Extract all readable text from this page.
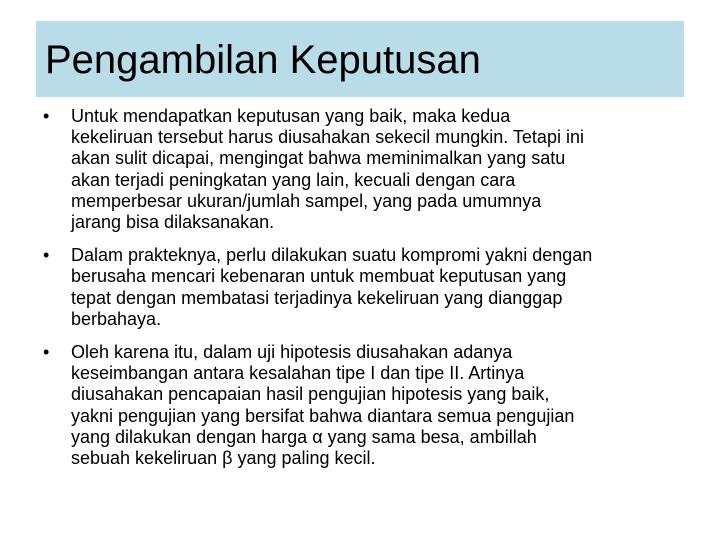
Pengambilan Keputusan
• Untuk mendapatkan keputusan yang baik, maka kedua
kekeliruan tersebut harus diusahakan sekecil mungkin. Tetapi ini
akan sulit dicapai, mengingat bahwa meminimalkan yang satu
akan terjadi peningkatan yang lain, kecuali dengan cara
memperbesar ukuran/jumlah sampel, yang pada umumnya
jarang bisa dilaksanakan.
• Dalam prakteknya, perlu dilakukan suatu kompromi yakni dengan
berusaha mencari kebenaran untuk membuat keputusan yang
tepat dengan membatasi terjadinya kekeliruan yang dianggap
berbahaya.
• Oleh karena itu, dalam uji hipotesis diusahakan adanya
keseimbangan antara kesalahan tipe I dan tipe II. Artinya
diusahakan pencapaian hasil pengujian hipotesis yang baik,
yakni pengujian yang bersifat bahwa diantara semua pengujian
yang dilakukan dengan harga α yang sama besa, ambillah
sebuah kekeliruan β yang paling kecil.
